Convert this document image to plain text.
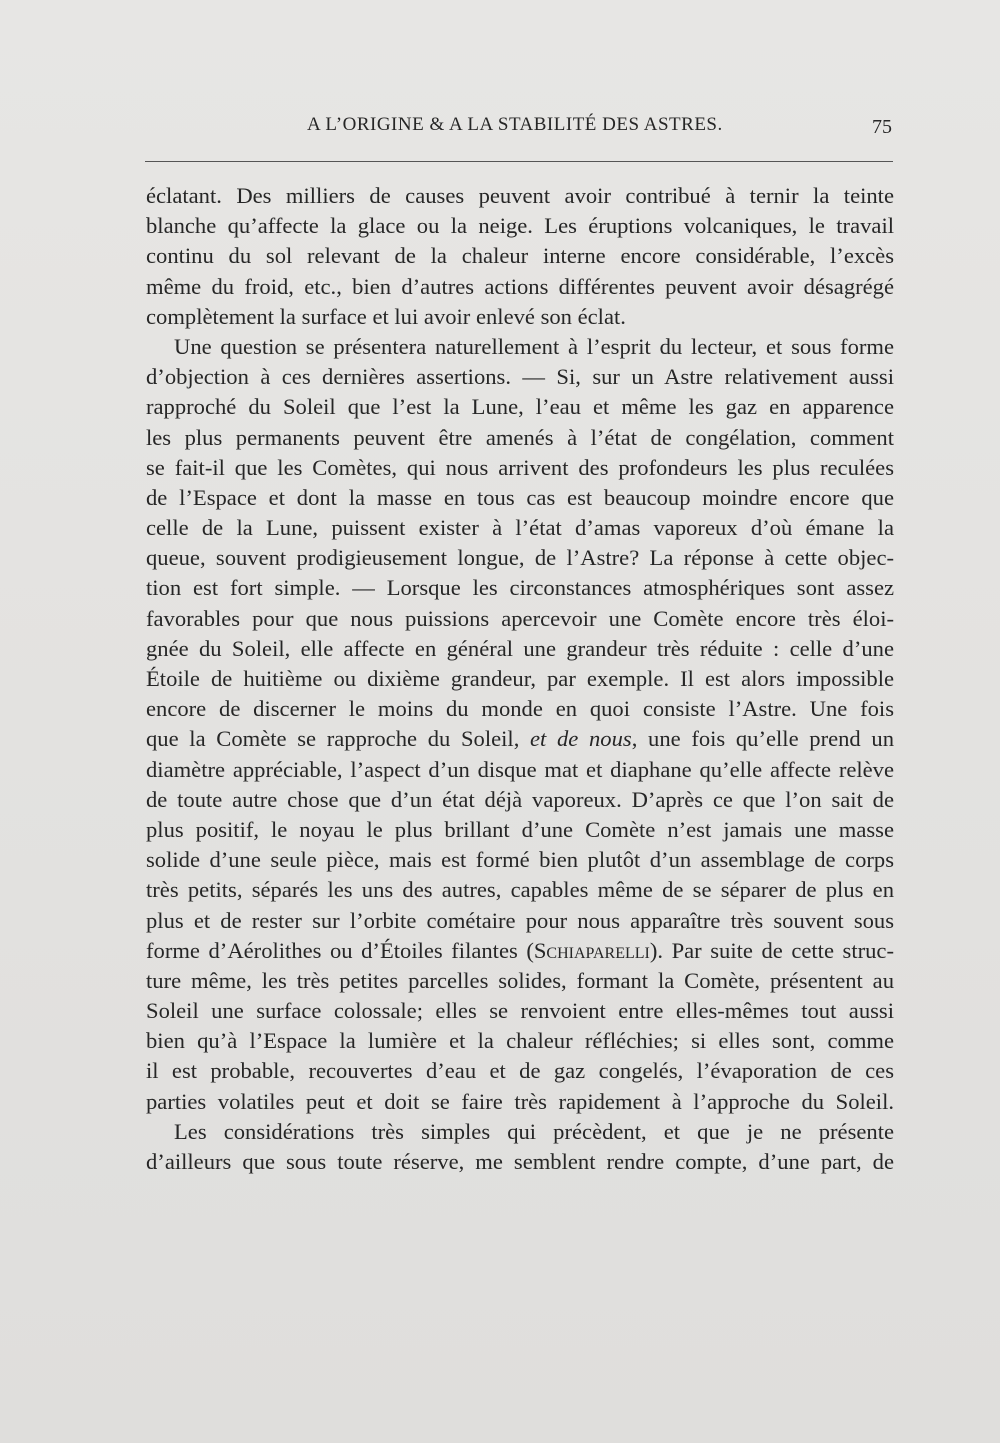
A L’ORIGINE & A LA STABILITÉ DES ASTRES.	75
éclatant. Des milliers de causes peuvent avoir contribué à ternir la teinte
blanche qu’affecte la glace ou la neige. Les éruptions volcaniques, le travail
continu du sol relevant de la chaleur interne encore considérable, l’excès
même du froid, etc., bien d’autres actions différentes peuvent avoir désagrégé
complètement la surface et lui avoir enlevé son éclat.
Une question se présentera naturellement à l’esprit du lecteur, et sous forme
d’objection à ces dernières assertions. — Si, sur un Astre relativement aussi
rapproché du Soleil que l’est la Lune, l’eau et même les gaz en apparence
les plus permanents peuvent être amenés à l’état de congélation, comment
se fait-il que les Comètes, qui nous arrivent des profondeurs les plus reculées
de l’Espace et dont la masse en tous cas est beaucoup moindre encore que
celle de la Lune, puissent exister à l’état d’amas vaporeux d’où émane la
queue, souvent prodigieusement longue, de l’Astre? La réponse à cette objec-
tion est fort simple. — Lorsque les circonstances atmosphériques sont assez
favorables pour que nous puissions apercevoir une Comète encore très éloi-
gnée du Soleil, elle affecte en général une grandeur très réduite : celle d’une
Étoile de huitième ou dixième grandeur, par exemple. Il est alors impossible
encore de discerner le moins du monde en quoi consiste l’Astre. Une fois
que la Comète se rapproche du Soleil, et de nous, une fois qu’elle prend un
diamètre appréciable, l’aspect d’un disque mat et diaphane qu’elle affecte relève
de toute autre chose que d’un état déjà vaporeux. D’après ce que l’on sait de
plus positif, le noyau le plus brillant d’une Comète n’est jamais une masse
solide d’une seule pièce, mais est formé bien plutôt d’un assemblage de corps
très petits, séparés les uns des autres, capables même de se séparer de plus en
plus et de rester sur l’orbite cométaire pour nous apparaître très souvent sous
forme d’Aérolithes ou d’Étoiles filantes (Schiaparelli). Par suite de cette struc-
ture même, les très petites parcelles solides, formant la Comète, présentent au
Soleil une surface colossale; elles se renvoient entre elles-mêmes tout aussi
bien qu’à l’Espace la lumière et la chaleur réfléchies; si elles sont, comme
il est probable, recouvertes d’eau et de gaz congelés, l’évaporation de ces
parties volatiles peut et doit se faire très rapidement à l’approche du Soleil.
Les considérations très simples qui précèdent, et que je ne présente
d’ailleurs que sous toute réserve, me semblent rendre compte, d’une part, de
